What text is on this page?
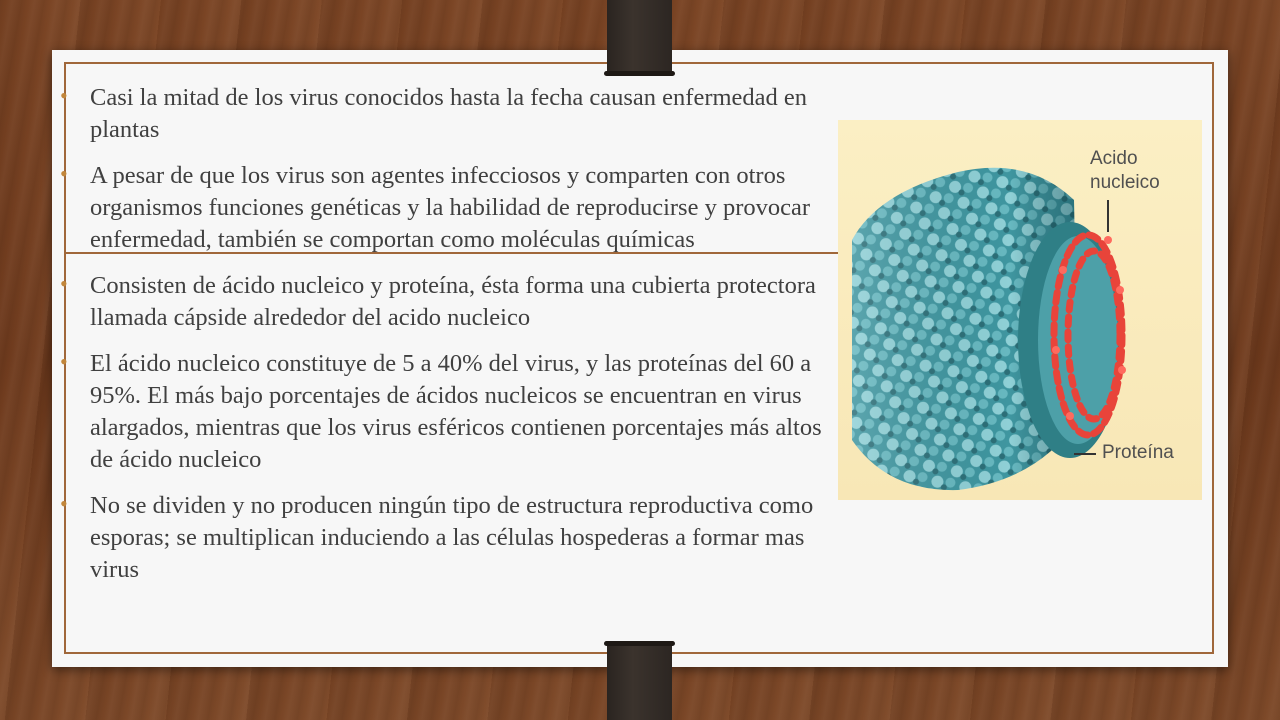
• Casi la mitad de los virus conocidos hasta la fecha causan enfermedad en plantas
• A pesar de que los virus son agentes infecciosos y comparten con otros organismos funciones genéticas y la habilidad de reproducirse y provocar enfermedad, también se comportan como moléculas químicas
• Consisten de ácido nucleico y proteína, ésta forma una cubierta protectora llamada cápside alrededor del acido nucleico
• El ácido nucleico constituye de 5 a 40% del virus, y las proteínas del 60 a 95%. El más bajo porcentajes de ácidos nucleicos se encuentran en virus alargados, mientras que los virus esféricos contienen porcentajes más altos de ácido nucleico
• No se dividen y no producen ningún tipo de estructura reproductiva como esporas; se multiplican induciendo a las células hospederas a formar mas virus
Acido
nucleico
Proteína
